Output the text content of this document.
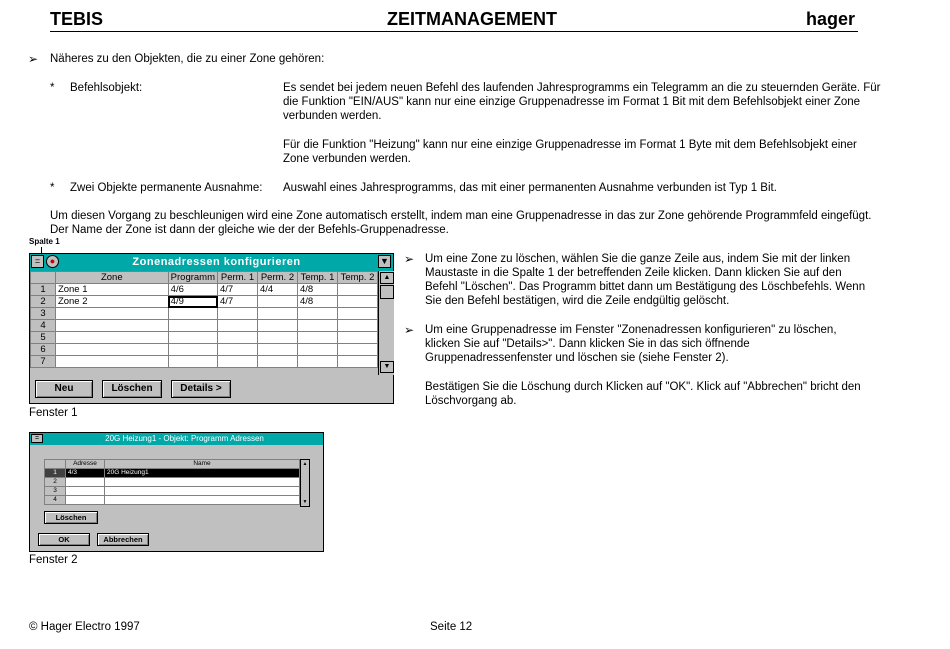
TEBIS	ZEITMANAGEMENT	hager
➢ Näheres zu den Objekten, die zu einer Zone gehören:
* Befehlsobjekt:	Es sendet bei jedem neuen Befehl des laufenden Jahresprogramms ein Telegramm an die zu steuernden Geräte. Für
die Funktion "EIN/AUS" kann nur eine einzige Gruppenadresse im Format 1 Bit mit dem Befehlsobjekt einer Zone
verbunden werden.
Für die Funktion "Heizung" kann nur eine einzige Gruppenadresse im Format 1 Byte mit dem Befehlsobjekt einer
Zone verbunden werden.
* Zwei Objekte permanente Ausnahme: Auswahl eines Jahresprogramms, das mit einer permanenten Ausnahme verbunden ist Typ 1 Bit.
Um diesen Vorgang zu beschleunigen wird eine Zone automatisch erstellt, indem man eine Gruppenadresse in das zur Zone gehörende Programmfeld eingefügt.
Der Name der Zone ist dann der gleiche wie der der Befehls-Gruppenadresse.
Spalte 1
=	●	Zonenadressen konfigurieren	▼
	Zone	Programm	Perm. 1	Perm. 2	Temp. 1	Temp. 2
1	Zone 1	4/6	4/7	4/4	4/8	
2	Zone 2	4/9	4/7		4/8	
3						
4						
5						
6						
7						
▲
▼
Neu	Löschen	Details >
Fenster 1
➢ Um eine Zone zu löschen, wählen Sie die ganze Zeile aus, indem Sie mit der linken
Maustaste in die Spalte 1 der betreffenden Zeile klicken. Dann klicken Sie auf den
Befehl "Löschen". Das Programm bittet dann um Bestätigung des Löschbefehls. Wenn
Sie den Befehl bestätigen, wird die Zeile endgültig gelöscht.
➢ Um eine Gruppenadresse im Fenster "Zonenadressen konfigurieren" zu löschen,
klicken Sie auf "Details>". Dann klicken Sie in das sich öffnende
Gruppenadressenfenster und löschen sie (siehe Fenster 2).
Bestätigen Sie die Löschung durch Klicken auf "OK". Klick auf "Abbrechen" bricht den
Löschvorgang ab.
=	20G Heizung1 - Objekt: Programm Adressen
	Adresse	Name
1	4/3	20G Heizung1
2		
3		
4		
▲
▼
Löschen
OK	Abbrechen
Fenster 2
© Hager Electro 1997	Seite 12
